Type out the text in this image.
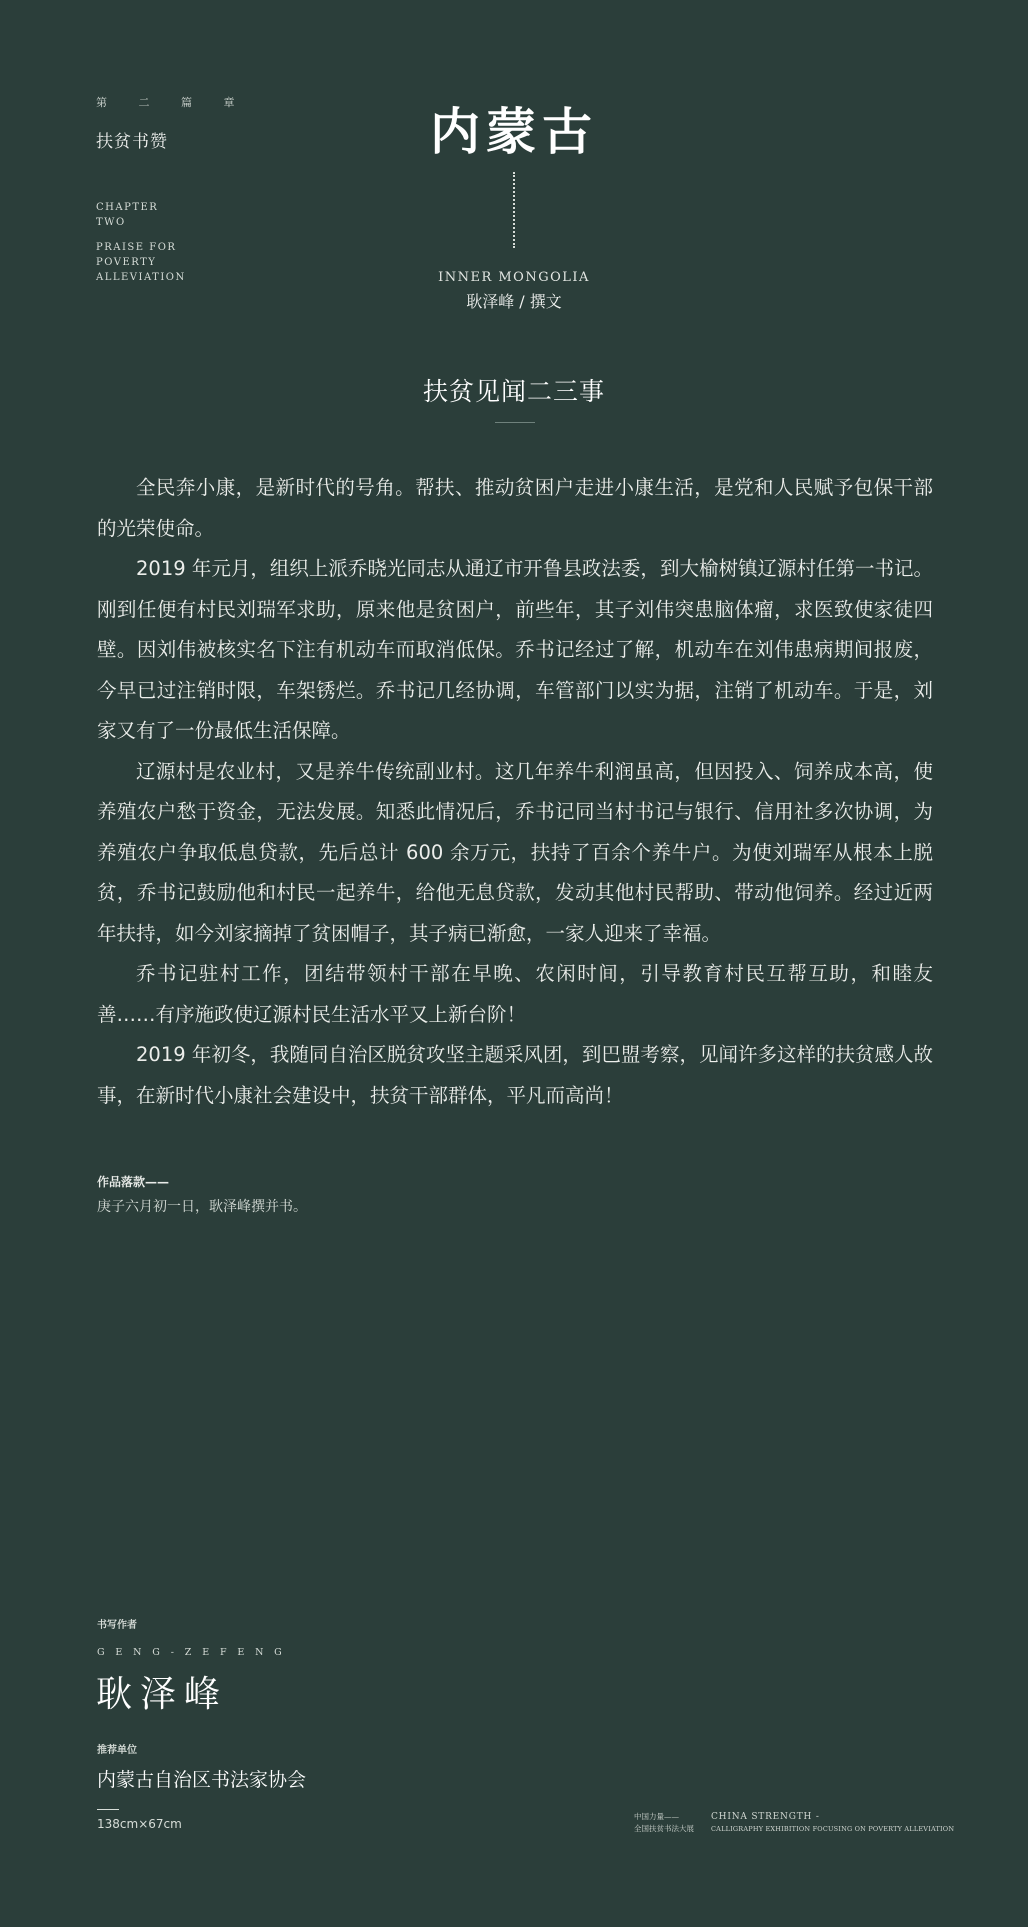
第 二 篇 章
扶贫书赞
CHAPTER
TWO
PRAISE FOR
POVERTY
ALLEVIATION
内蒙古
INNER MONGOLIA
耿泽峰 / 撰文
扶贫见闻二三事

全民奔小康，是新时代的号角。帮扶、推动贫困户走进小康生活，是党和人民赋予包保干部的光荣使命。

2019 年元月，组织上派乔晓光同志从通辽市开鲁县政法委，到大榆树镇辽源村任第一书记。刚到任便有村民刘瑞军求助，原来他是贫困户，前些年，其子刘伟突患脑体瘤，求医致使家徒四壁。因刘伟被核实名下注有机动车而取消低保。乔书记经过了解，机动车在刘伟患病期间报废，今早已过注销时限，车架锈烂。乔书记几经协调，车管部门以实为据，注销了机动车。于是，刘家又有了一份最低生活保障。

辽源村是农业村，又是养牛传统副业村。这几年养牛利润虽高，但因投入、饲养成本高，使养殖农户愁于资金，无法发展。知悉此情况后，乔书记同当村书记与银行、信用社多次协调，为养殖农户争取低息贷款，先后总计 600 余万元，扶持了百余个养牛户。为使刘瑞军从根本上脱贫，乔书记鼓励他和村民一起养牛，给他无息贷款，发动其他村民帮助、带动他饲养。经过近两年扶持，如今刘家摘掉了贫困帽子，其子病已渐愈，一家人迎来了幸福。

乔书记驻村工作，团结带领村干部在早晚、农闲时间，引导教育村民互帮互助，和睦友善……有序施政使辽源村民生活水平又上新台阶！

2019 年初冬，我随同自治区脱贫攻坚主题采风团，到巴盟考察，见闻许多这样的扶贫感人故事，在新时代小康社会建设中，扶贫干部群体，平凡而高尚！

作品落款——
庚子六月初一日，耿泽峰撰并书。
书写作者
GENG-ZEFENG
耿泽峰
推荐单位
内蒙古自治区书法家协会
138cm×67cm
中国力量——
全国扶贫书法大展
CHINA STRENGTH -
CALLIGRAPHY EXHIBITION FOCUSING ON POVERTY ALLEVIATION
